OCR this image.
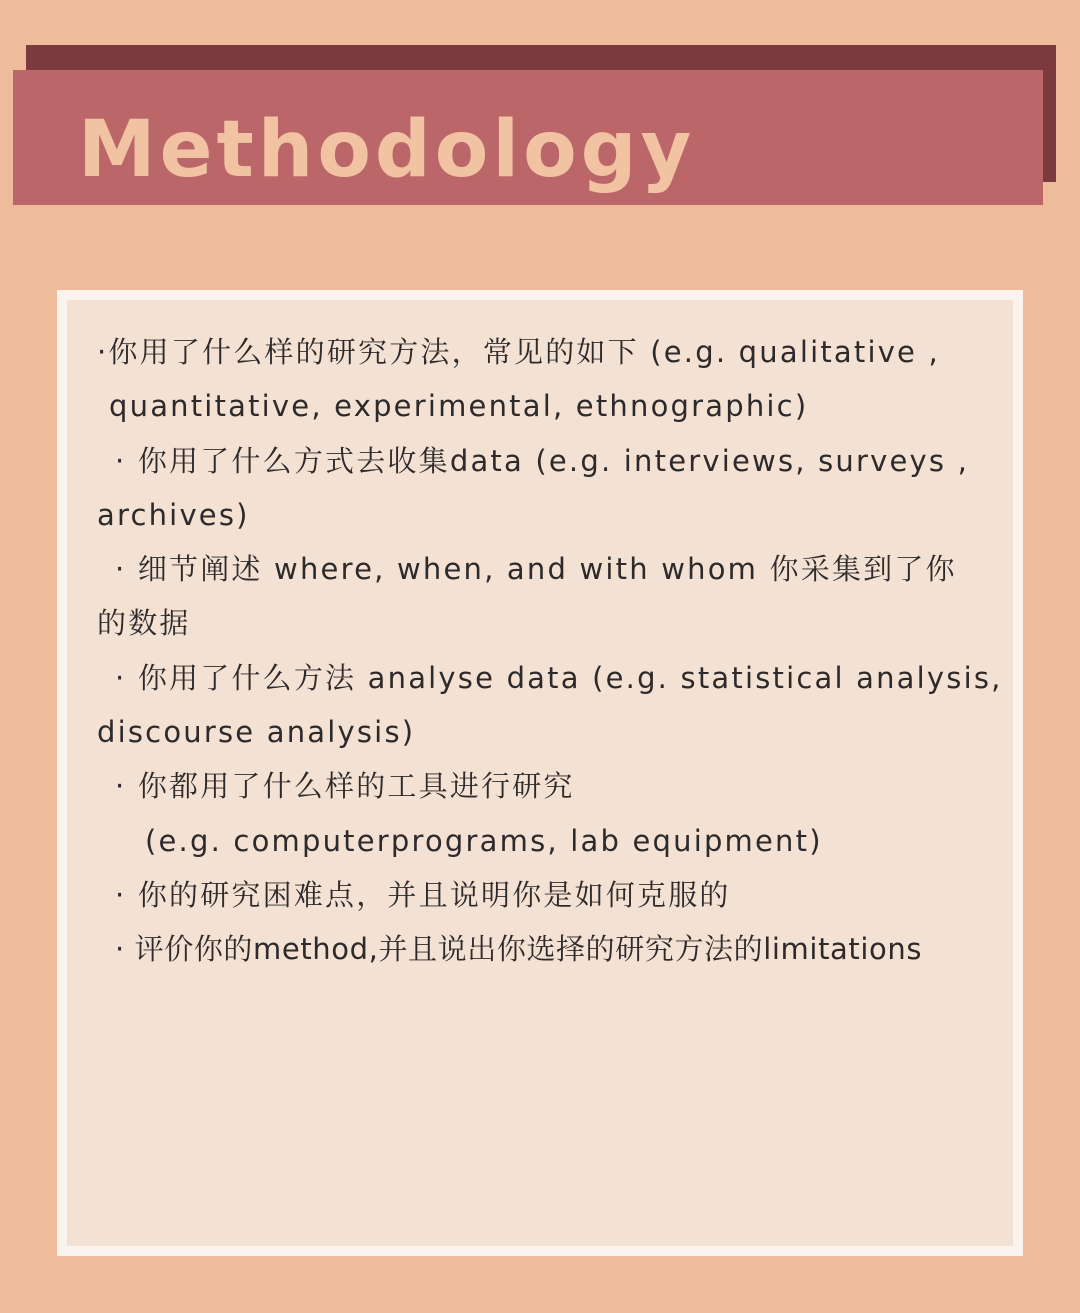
Methodology
·你用了什么样的研究方法，常见的如下 (e.g. qualitative ,
quantitative, experimental, ethnographic)
· 你用了什么方式去收集data (e.g. interviews, surveys ,
archives)
· 细节阐述 where, when, and with whom 你采集到了你
的数据
· 你用了什么方法 analyse data (e.g. statistical analysis,
discourse analysis)
· 你都用了什么样的工具进行研究
(e.g. computerprograms, lab equipment)
· 你的研究困难点，并且说明你是如何克服的
· 评价你的method,并且说出你选择的研究方法的limitations
